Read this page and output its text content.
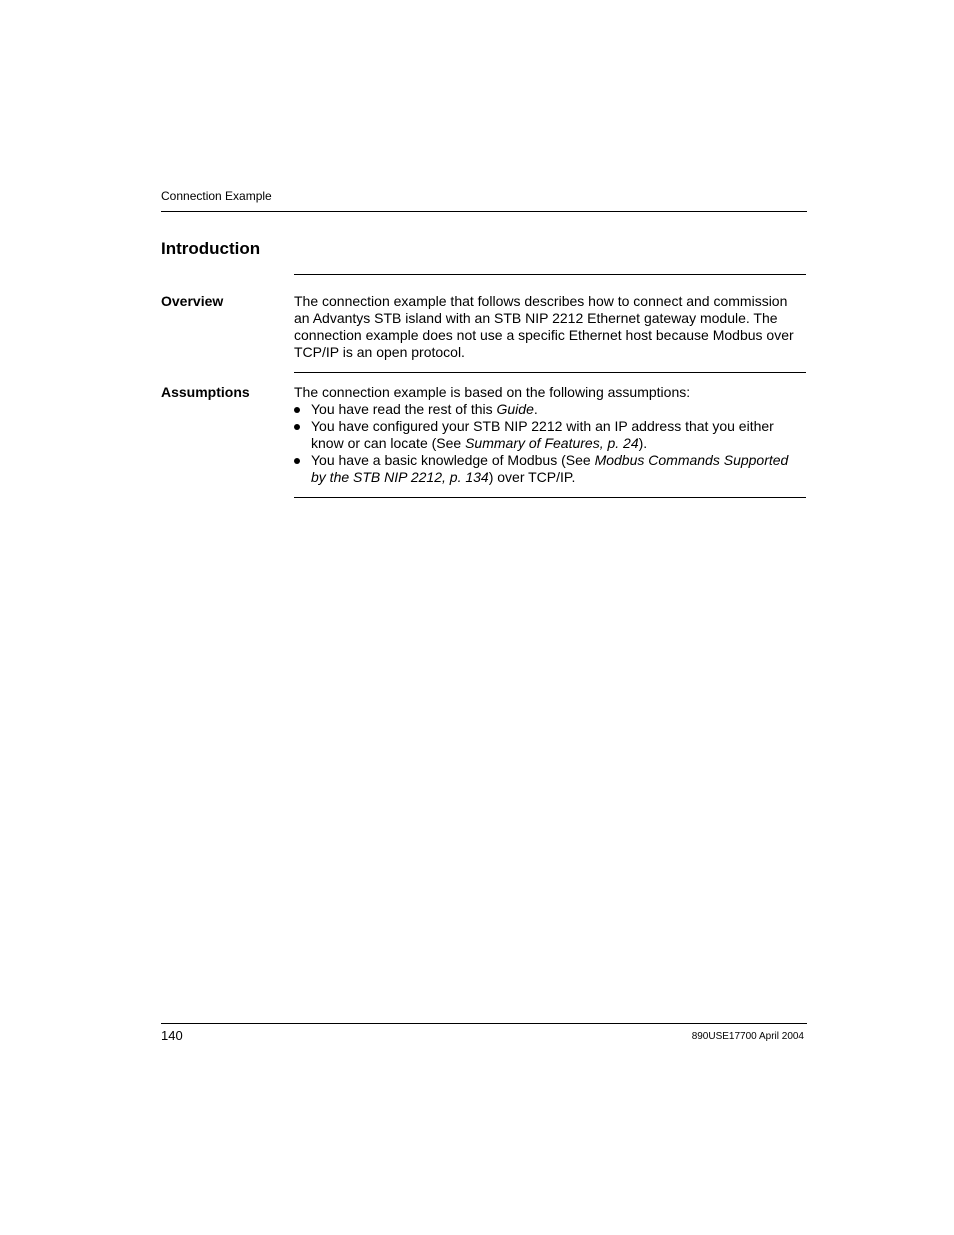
Connection Example
Introduction
Overview	The connection example that follows describes how to connect and commission an Advantys STB island with an STB NIP 2212 Ethernet gateway module. The connection example does not use a specific Ethernet host because Modbus over TCP/IP is an open protocol.
Assumptions	The connection example is based on the following assumptions:

You have read the rest of this Guide.
You have configured your STB NIP 2212 with an IP address that you either know or can locate (See Summary of Features, p. 24).
You have a basic knowledge of Modbus (See Modbus Commands Supported by the STB NIP 2212, p. 134) over TCP/IP.
140	890USE17700 April 2004
